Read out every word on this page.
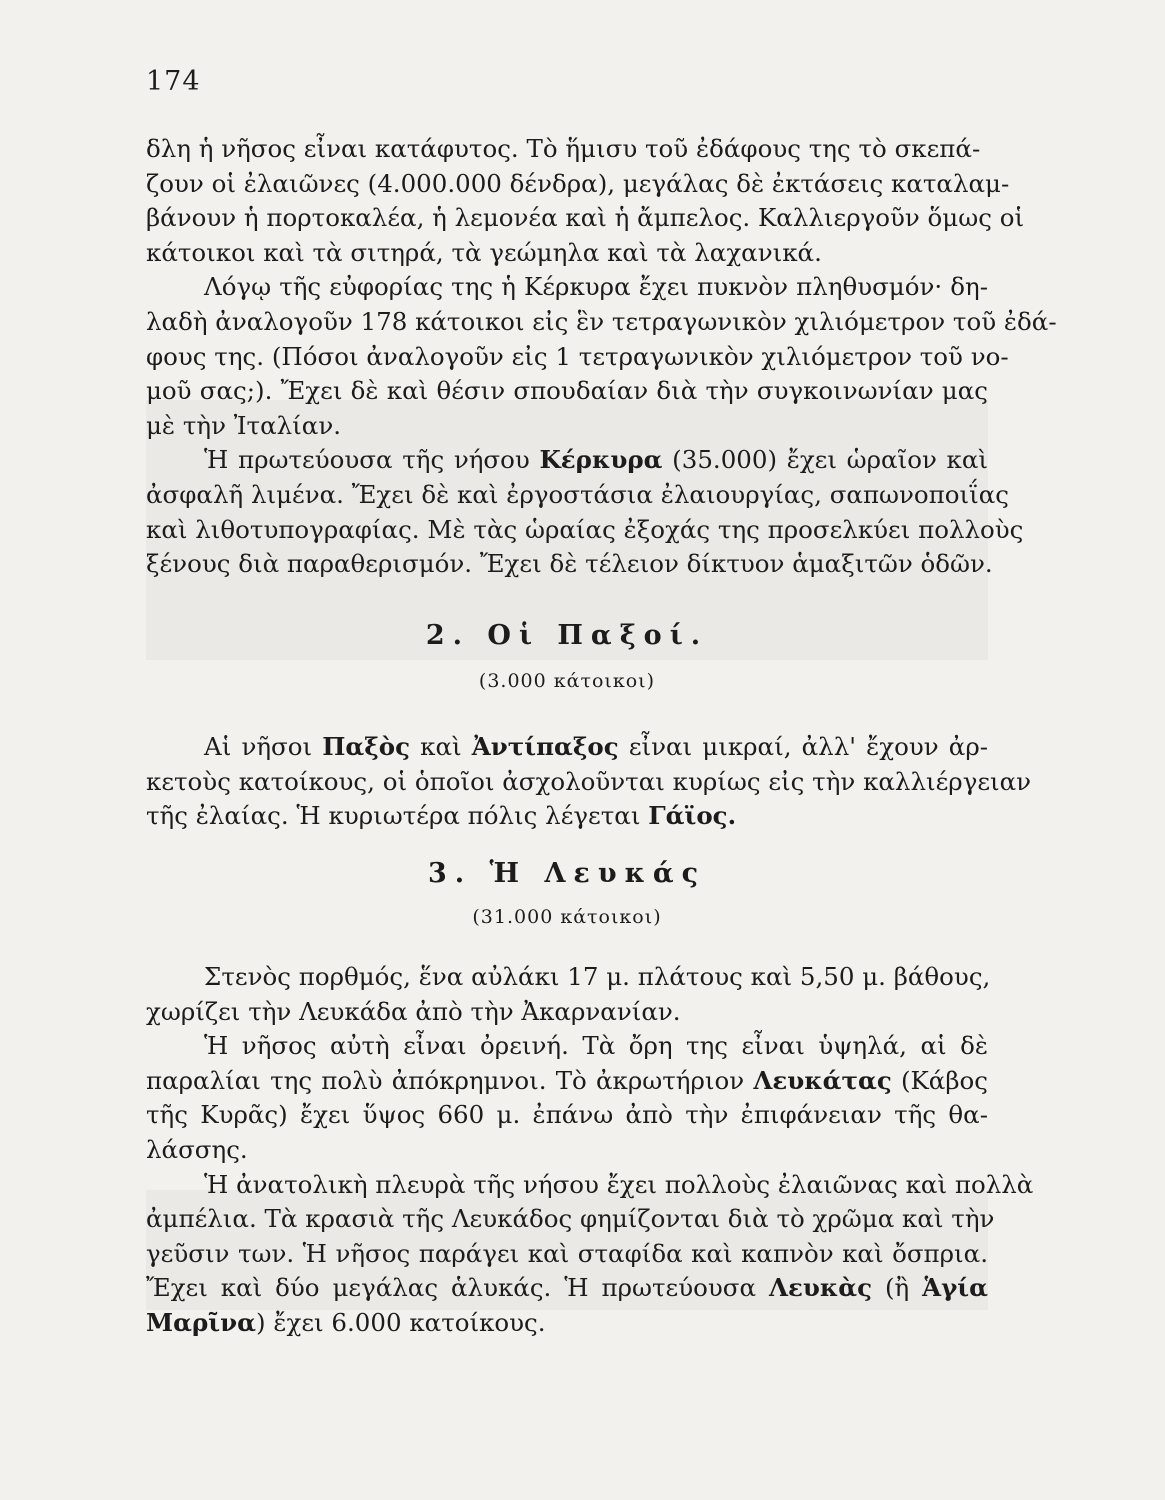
174
δλη ἡ νῆσος εἶναι κατάφυτος. Τὸ ἥμισυ τοῦ ἐδάφους της τὸ σκεπά-
ζουν οἱ ἐλαιῶνες (4.000.000 δένδρα), μεγάλας δὲ ἐκτάσεις καταλαμ-
βάνουν ἡ πορτοκαλέα, ἡ λεμονέα καὶ ἡ ἄμπελος. Καλλιεργοῦν ὅμως οἱ
κάτοικοι καὶ τὰ σιτηρά, τὰ γεώμηλα καὶ τὰ λαχανικά.
Λόγῳ τῆς εὐφορίας της ἡ Κέρκυρα ἔχει πυκνὸν πληθυσμόν· δη-
λαδὴ ἀναλογοῦν 178 κάτοικοι εἰς ἓν τετραγωνικὸν χιλιόμετρον τοῦ ἐδά-
φους της. (Πόσοι ἀναλογοῦν εἰς 1 τετραγωνικὸν χιλιόμετρον τοῦ νο-
μοῦ σας;). Ἔχει δὲ καὶ θέσιν σπουδαίαν διὰ τὴν συγκοινωνίαν μας
μὲ τὴν Ἰταλίαν.
Ἡ πρωτεύουσα τῆς νήσου Κέρκυρα (35.000) ἔχει ὡραῖον καὶ
ἀσφαλῆ λιμένα. Ἔχει δὲ καὶ ἐργοστάσια ἐλαιουργίας, σαπωνοποιΐας
καὶ λιθοτυπογραφίας. Μὲ τὰς ὡραίας ἐξοχάς της προσελκύει πολλοὺς
ξένους διὰ παραθερισμόν. Ἔχει δὲ τέλειον δίκτυον ἁμαξιτῶν ὁδῶν.
2. Οἱ Παξοί.
(3.000 κάτοικοι)
Αἱ νῆσοι Παξὸς καὶ Ἀντίπαξος εἶναι μικραί, ἀλλ' ἔχουν ἀρ-
κετοὺς κατοίκους, οἱ ὁποῖοι ἀσχολοῦνται κυρίως εἰς τὴν καλλιέργειαν
τῆς ἐλαίας. Ἡ κυριωτέρα πόλις λέγεται Γάϊος.
3. Ἡ Λευκάς
(31.000 κάτοικοι)
Στενὸς πορθμός, ἕνα αὐλάκι 17 μ. πλάτους καὶ 5,50 μ. βάθους,
χωρίζει τὴν Λευκάδα ἀπὸ τὴν Ἀκαρνανίαν.
Ἡ νῆσος αὐτὴ εἶναι ὀρεινή. Τὰ ὄρη της εἶναι ὑψηλά, αἱ δὲ
παραλίαι της πολὺ ἀπόκρημνοι. Τὸ ἀκρωτήριον Λευκάτας (Κάβος
τῆς Κυρᾶς) ἔχει ὕψος 660 μ. ἐπάνω ἀπὸ τὴν ἐπιφάνειαν τῆς θα-
λάσσης.
Ἡ ἀνατολικὴ πλευρὰ τῆς νήσου ἔχει πολλοὺς ἐλαιῶνας καὶ πολλὰ
ἀμπέλια. Τὰ κρασιὰ τῆς Λευκάδος φημίζονται διὰ τὸ χρῶμα καὶ τὴν
γεῦσιν των. Ἡ νῆσος παράγει καὶ σταφίδα καὶ καπνὸν καὶ ὄσπρια.
Ἔχει καὶ δύο μεγάλας ἁλυκάς. Ἡ πρωτεύουσα Λευκὰς (ἢ Ἁγία
Μαρῖνα) ἔχει 6.000 κατοίκους.
